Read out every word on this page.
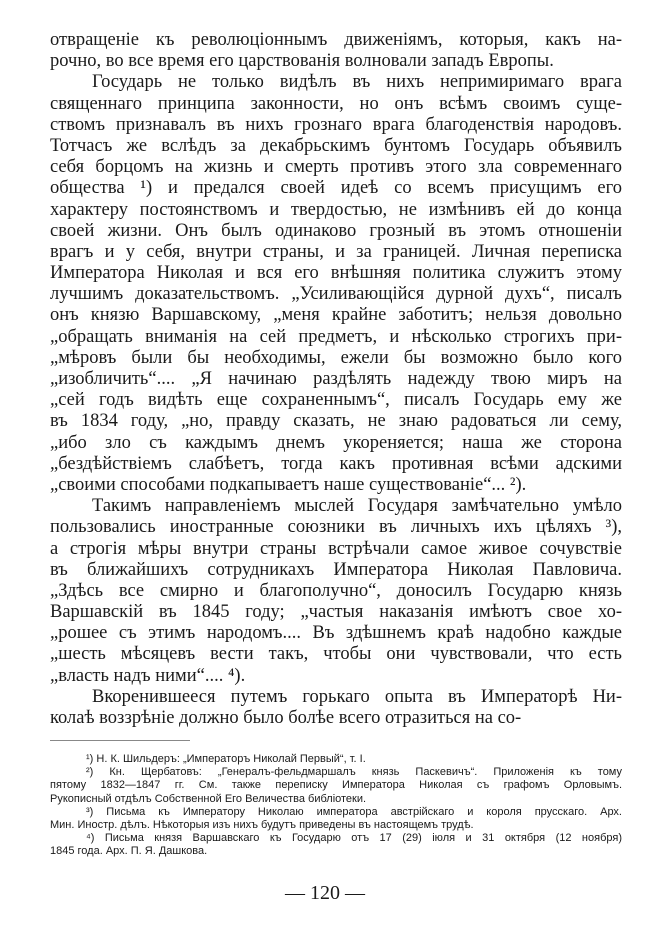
отвращеніе къ революціоннымъ движеніямъ, которыя, какъ на-
рочно, во все время его царствованія волновали западъ Европы.
Государь не только видѣлъ въ нихъ непримиримаго врага
священнаго принципа законности, но онъ всѣмъ своимъ суще-
ствомъ признавалъ въ нихъ грознаго врага благоденствія народовъ.
Тотчасъ же вслѣдъ за декабрьскимъ бунтомъ Государь объявилъ
себя борцомъ на жизнь и смерть противъ этого зла современнаго
общества ¹) и предался своей идеѣ со всемъ присущимъ его
характеру постоянствомъ и твердостью, не измѣнивъ ей до конца
своей жизни. Онъ былъ одинаково грозный въ этомъ отношеніи
врагъ и у себя, внутри страны, и за границей. Личная переписка
Императора Николая и вся его внѣшняя политика служитъ этому
лучшимъ доказательствомъ. „Усиливающійся дурной духъ“, писалъ
онъ князю Варшавскому, „меня крайне заботитъ; нельзя довольно
„обращать вниманія на сей предметъ, и нѣсколько строгихъ при-
„мѣровъ были бы необходимы, ежели бы возможно было кого
„изобличить“.... „Я начинаю раздѣлять надежду твою миръ на
„сей годъ видѣть еще сохраненнымъ“, писалъ Государь ему же
въ 1834 году, „но, правду сказать, не знаю радоваться ли сему,
„ибо зло съ каждымъ днемъ укореняется; наша же сторона
„бездѣйствіемъ слабѣетъ, тогда какъ противная всѣми адскими
„своими способами подкапываетъ наше существованіе“... ²).
Такимъ направленіемъ мыслей Государя замѣчательно умѣло
пользовались иностранные союзники въ личныхъ ихъ цѣляхъ ³),
а строгія мѣры внутри страны встрѣчали самое живое сочувствіе
въ ближайшихъ сотрудникахъ Императора Николая Павловича.
„Здѣсь все смирно и благополучно“, доносилъ Государю князь
Варшавскій въ 1845 году; „частыя наказанія имѣютъ свое хо-
„рошее съ этимъ народомъ.... Въ здѣшнемъ краѣ надобно каждые
„шесть мѣсяцевъ вести такъ, чтобы они чувствовали, что есть
„власть надъ ними“.... ⁴).
Вкоренившееся путемъ горькаго опыта въ Императорѣ Ни-
колаѣ воззрѣніе должно было болѣе всего отразиться на со-
¹) Н. К. Шильдеръ: „Императоръ Николай Первый“, т. I.
²) Кн. Щербатовъ: „Генералъ-фельдмаршалъ князь Паскевичъ“. Приложенія къ тому
пятому 1832—1847 гг. См. также переписку Императора Николая съ графомъ Орловымъ.
Рукописный отдѣлъ Собственной Его Величества библіотеки.
³) Письма къ Императору Николаю императора австрійскаго и короля прусскаго. Арх.
Мин. Иностр. дѣлъ. Нѣкоторыя изъ нихъ будутъ приведены въ настоящемъ трудѣ.
⁴) Письма князя Варшавскаго къ Государю отъ 17 (29) іюля и 31 октября (12 ноября)
1845 года. Арх. П. Я. Дашкова.
— 120 —
